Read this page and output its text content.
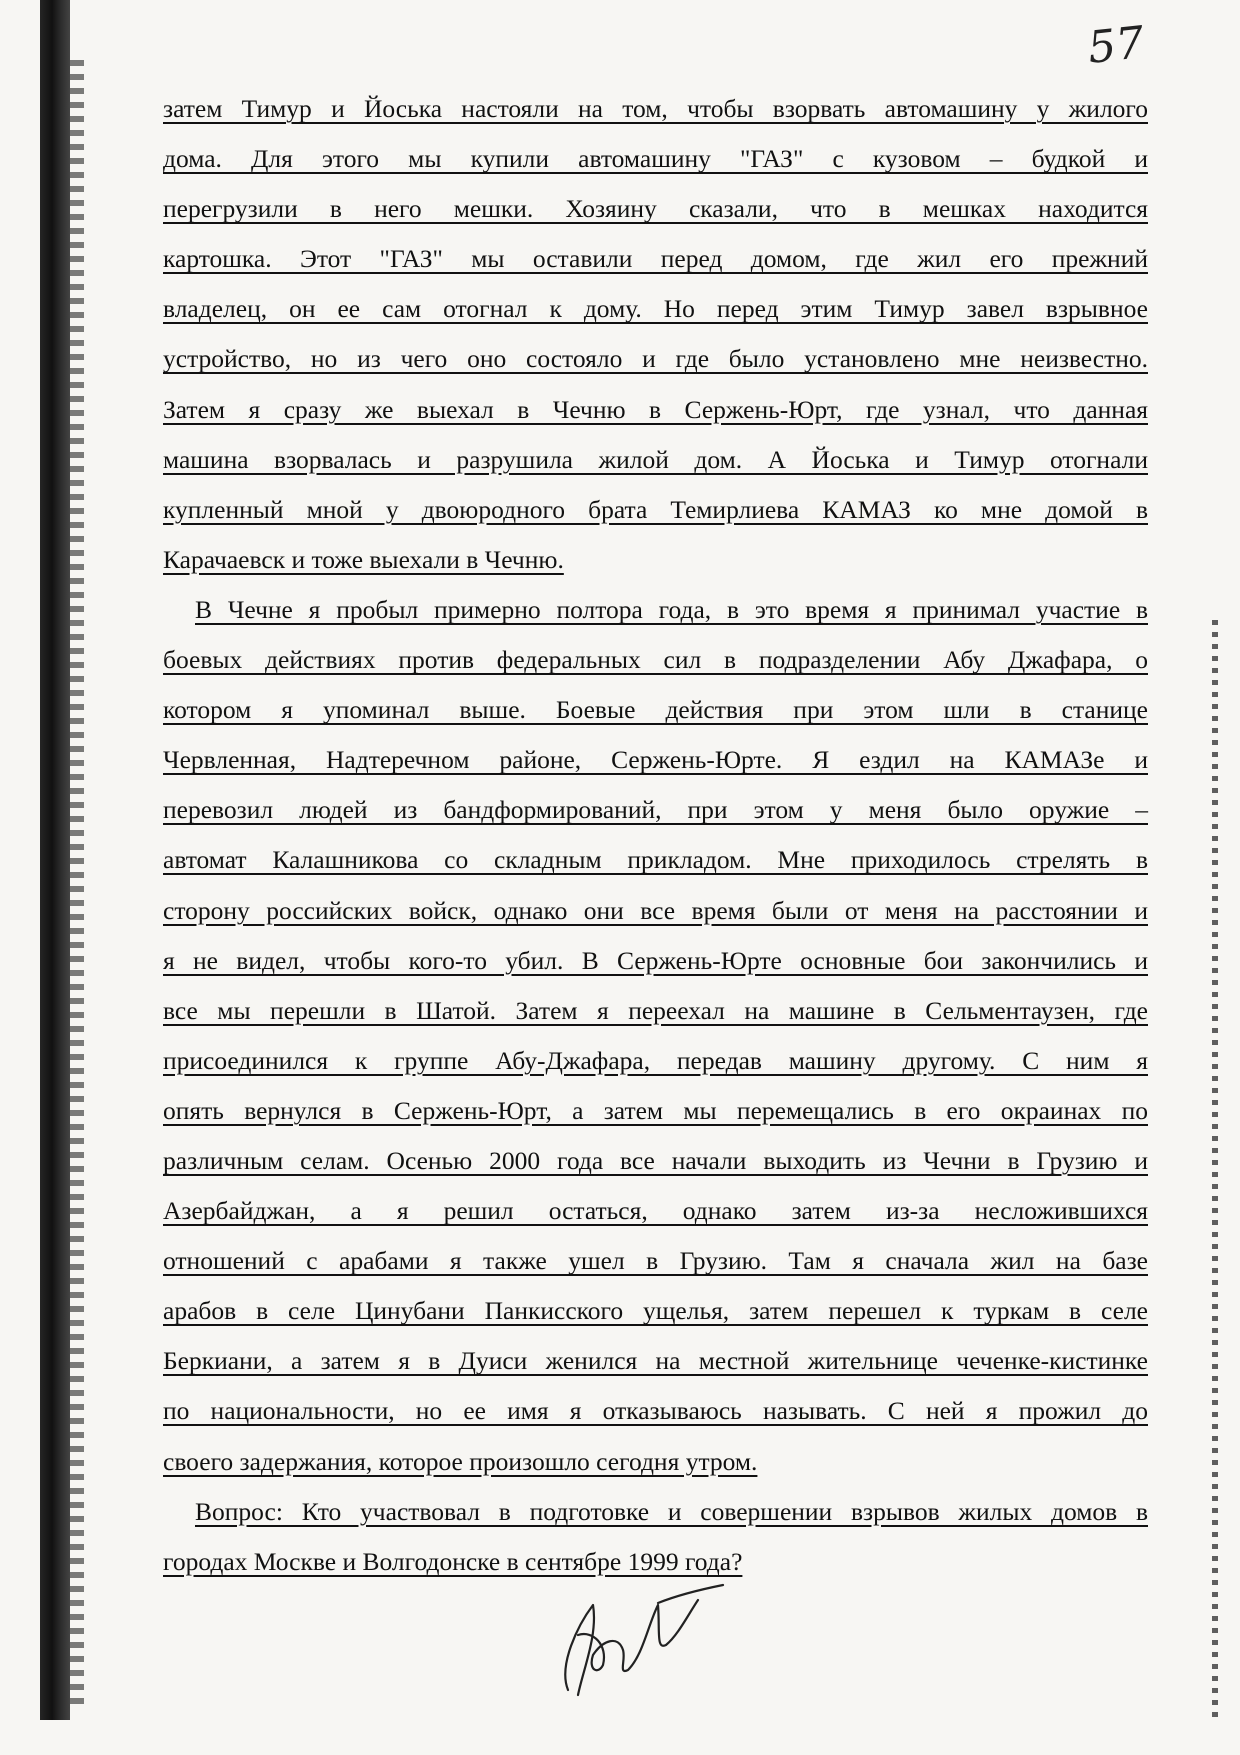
57
затем Тимур и Йоська настояли на том, чтобы взорвать автомашину у жилого
дома. Для этого мы купили автомашину "ГАЗ" с кузовом – будкой и
перегрузили в него мешки. Хозяину сказали, что в мешках находится
картошка. Этот "ГАЗ" мы оставили перед домом, где жил его прежний
владелец, он ее сам отогнал к дому. Но перед этим Тимур завел взрывное
устройство, но из чего оно состояло и где было установлено мне неизвестно.
Затем я сразу же выехал в Чечню в Сержень-Юрт, где узнал, что данная
машина взорвалась и разрушила жилой дом. А Йоська и Тимур отогнали
купленный мной у двоюродного брата Темирлиева КАМАЗ ко мне домой в
Карачаевск и тоже выехали в Чечню.
В Чечне я пробыл примерно полтора года, в это время я принимал участие в
боевых действиях против федеральных сил в подразделении Абу Джафара, о
котором я упоминал выше. Боевые действия при этом шли в станице
Червленная, Надтеречном районе, Сержень-Юрте. Я ездил на КАМАЗе и
перевозил людей из бандформирований, при этом у меня было оружие –
автомат Калашникова со складным прикладом. Мне приходилось стрелять в
сторону российских войск, однако они все время были от меня на расстоянии и
я не видел, чтобы кого-то убил. В Сержень-Юрте основные бои закончились и
все мы перешли в Шатой. Затем я переехал на машине в Сельментаузен, где
присоединился к группе Абу-Джафара, передав машину другому. С ним я
опять вернулся в Сержень-Юрт, а затем мы перемещались в его окраинах по
различным селам. Осенью 2000 года все начали выходить из Чечни в Грузию и
Азербайджан, а я решил остаться, однако затем из-за несложившихся
отношений с арабами я также ушел в Грузию. Там я сначала жил на базе
арабов в селе Цинубани Панкисского ущелья, затем перешел к туркам в селе
Беркиани, а затем я в Дуиси женился на местной жительнице чеченке-кистинке
по национальности, но ее имя я отказываюсь называть. С ней я прожил до
своего задержания, которое произошло сегодня утром.
Вопрос: Кто участвовал в подготовке и совершении взрывов жилых домов в
городах Москве и Волгодонске в сентябре 1999 года?
